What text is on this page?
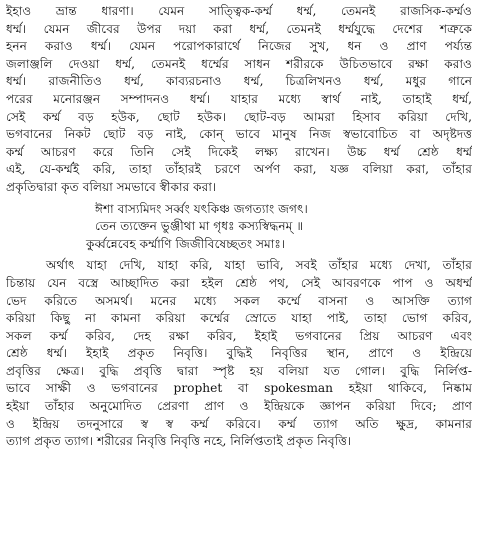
ইহাও ভ্রান্ত ধারণা। যেমন সাত্ত্বিক-কর্ম্ম ধর্ম্ম, তেমনই রাজসিক-কর্ম্মও
ধর্ম্ম। যেমন জীবের উপর দয়া করা ধর্ম্ম, তেমনই ধর্ম্মযুদ্ধে দেশের শত্রুকে
হনন করাও ধর্ম্ম। যেমন পরোপকারার্থে নিজের সুখ, ধন ও প্রাণ পর্য্যন্ত
জলাঞ্জলি দেওয়া ধর্ম্ম, তেমনই ধর্ম্মের সাধন শরীরকে উচিতভাবে রক্ষা করাও
ধর্ম্ম। রাজনীতিও ধর্ম্ম, কাব্যরচনাও ধর্ম্ম, চিত্রলিখনও ধর্ম্ম, মধুর গানে
পরের মনোরঞ্জন সম্পাদনও ধর্ম্ম। যাহার মধ্যে স্বার্থ নাই, তাহাই ধর্ম্ম,
সেই কর্ম্ম বড় হউক, ছোট হউক। ছোট-বড় আমরা হিসাব করিয়া দেখি,
ভগবানের নিকট ছোট বড় নাই, কোন্‌ ভাবে মানুষ নিজ স্বভাবোচিত বা অদৃষ্টদত্ত
কর্ম্ম আচরণ করে তিনি সেই দিকেই লক্ষ্য রাখেন। উচ্চ ধর্ম্ম শ্রেষ্ঠ ধর্ম্ম
এই, যে-কর্ম্মই করি, তাহা তাঁহারই চরণে অর্পণ করা, যজ্ঞ বলিয়া করা, তাঁহার
প্রকৃতিদ্বারা কৃত বলিয়া সমভাবে স্বীকার করা।
ঈশা বাস্যমিদং সর্ব্বং যৎকিঞ্চ জগত্যাং জগৎ।
তেন ত্যক্তেন ভুঞ্জীথা মা গৃধঃ কস্যস্বিদ্ধনম্‌ ॥
কুর্ব্বন্নেবেহ কর্ম্মাণি জিজীবিষেচ্ছতং সমাঃ।
অর্থাৎ যাহা দেখি, যাহা করি, যাহা ভাবি, সবই তাঁহার মধ্যে দেখা, তাঁহার
চিন্তায় যেন বস্ত্রে আচ্ছাদিত করা হইল শ্রেষ্ঠ পথ, সেই আবরণকে পাপ ও অধর্ম্ম
ভেদ করিতে অসমর্থ। মনের মধ্যে সকল কর্ম্মে বাসনা ও আসক্তি ত্যাগ
করিয়া কিছু না কামনা করিয়া কর্ম্মের স্রোতে যাহা পাই, তাহা ভোগ করিব,
সকল কর্ম্ম করিব, দেহ রক্ষা করিব, ইহাই ভগবানের প্রিয় আচরণ এবং
শ্রেষ্ঠ ধর্ম্ম। ইহাই প্রকৃত নিবৃত্তি। বুদ্ধিই নিবৃত্তির স্থান, প্রাণে ও ইন্দ্রিয়ে
প্রবৃত্তির ক্ষেত্র। বুদ্ধি প্রবৃত্তি দ্বারা স্পৃষ্ট হয় বলিয়া যত গোল। বুদ্ধি নির্লিপ্ত-
ভাবে সাক্ষী ও ভগবানের prophet বা spokesman হইয়া থাকিবে, নিষ্কাম
হইয়া তাঁহার অনুমোদিত প্রেরণা প্রাণ ও ইন্দ্রিয়কে জ্ঞাপন করিয়া দিবে; প্রাণ
ও ইন্দ্রিয় তদনুসারে স্ব স্ব কর্ম্ম করিবে। কর্ম্ম ত্যাগ অতি ক্ষুদ্র, কামনার
ত্যাগ প্রকৃত ত্যাগ। শরীরের নিবৃত্তি নিবৃত্তি নহে, নির্লিপ্ততাই প্রকৃত নিবৃত্তি।
